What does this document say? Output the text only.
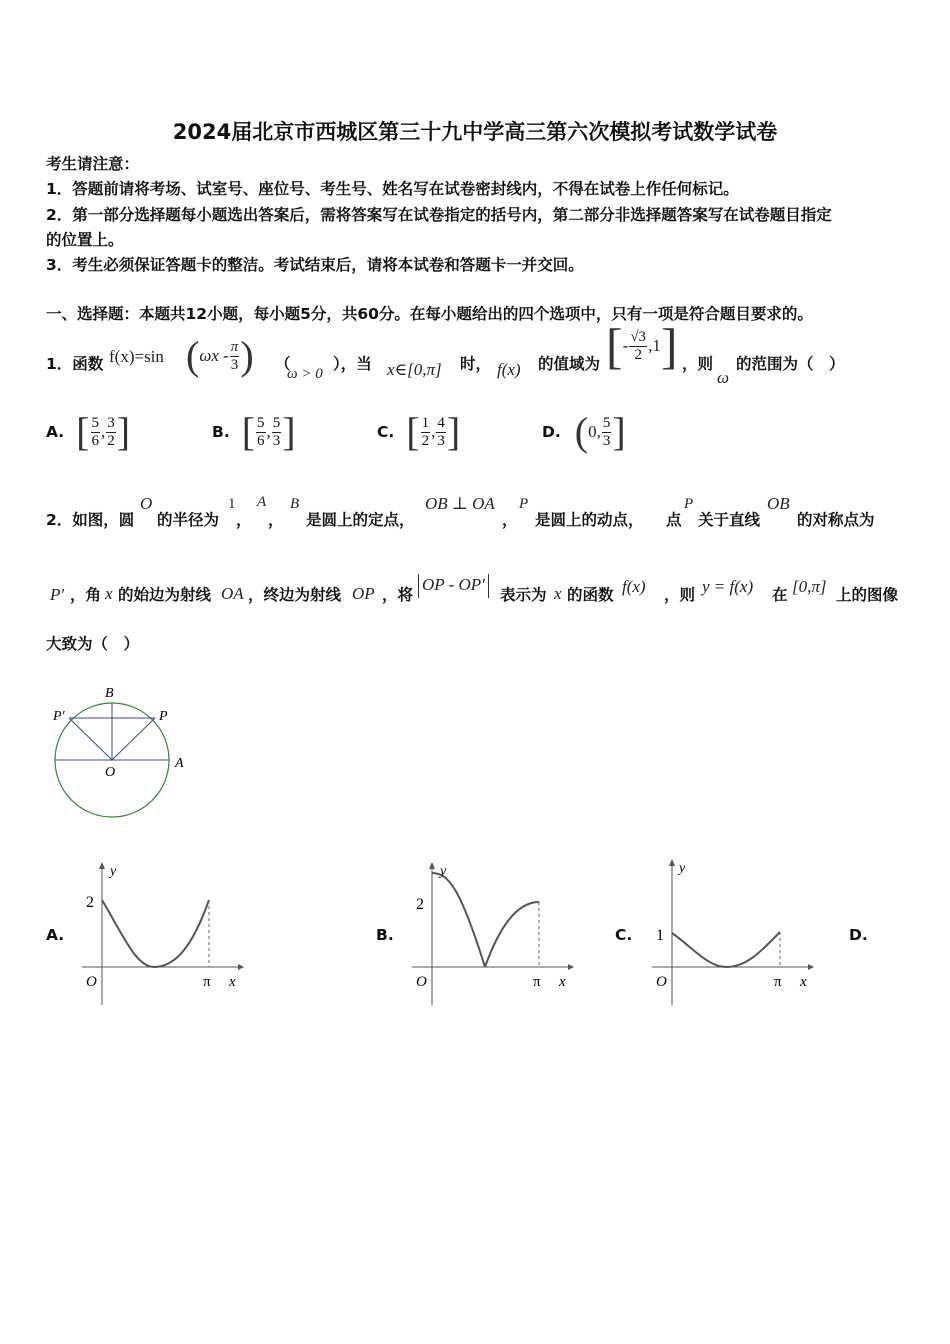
2024届北京市西城区第三十九中学高三第六次模拟考试数学试卷
考生请注意：
1．答题前请将考场、试室号、座位号、考生号、姓名写在试卷密封线内，不得在试卷上作任何标记。
2．第一部分选择题每小题选出答案后，需将答案写在试卷指定的括号内，第二部分非选择题答案写在试卷题目指定
的位置上。
3．考生必须保证答题卡的整洁。考试结束后，请将本试卷和答题卡一并交回。
一、选择题：本题共12小题，每小题5分，共60分。在每小题给出的四个选项中，只有一项是符合题目要求的。
1．函数 f(x)=sin ( ωx - $\frac{\pi}{3}$ ) （
ω > 0
），当 x∈[0,π] 时， f(x) 的值域为 [ - $\frac{√3}{2} ,1$ ] ，则
ω
的范围为（　）
A. [ $\frac{5}{6}$ , $\frac{3}{2}$ ]	B. [ $\frac{5}{6}$ , $\frac{5}{3}$ ]	C. [ $\frac{1}{2}$ , $\frac{4}{3}$ ]	D. ( 0, $\frac{5}{3}$ ]
2．如图，圆
O
的半径为
1
，
A
，
B
是圆上的定点，
OB ⊥ OA
，
P
是圆上的动点， 点
P
关于直线
OB
的对称点为
P′ ，角 x 的始边为射线 OA ，终边为射线 OP ，将
OP - OP′
表示为 x 的函数 f(x) ，则 y = f(x) 在 [0,π] 上的图像
大致为（　）
B
P′	P
O
A
A.
y
2
O	π x
B.
y
2
O	π x
C.
y
1
O	π x
D.
